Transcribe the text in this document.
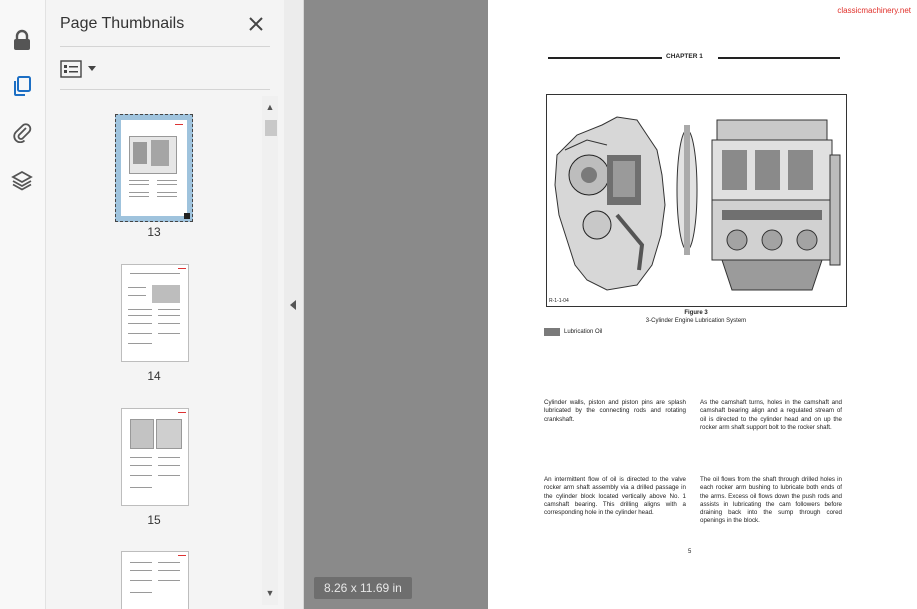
Page Thumbnails
13
14
15
▲
▼
classicmachinery.net
CHAPTER 1
R-1-1-04
Figure 3
3-Cylinder Engine Lubrication System
Lubrication Oil
Cylinder walls, piston and piston pins are splash lubricated by the connecting rods and rotating crankshaft.
As the camshaft turns, holes in the camshaft and camshaft bearing align and a regulated stream of oil is directed to the cylinder head and on up the rocker arm shaft support bolt to the rocker shaft.
An intermittent flow of oil is directed to the valve rocker arm shaft assembly via a drilled passage in the cylinder block located vertically above No. 1 camshaft bearing. This drilling aligns with a corresponding hole in the cylinder head.
The oil flows from the shaft through drilled holes in each rocker arm bushing to lubricate both ends of the arms. Excess oil flows down the push rods and assists in lubricating the cam followers before draining back into the sump through cored openings in the block.
5
8.26 x 11.69 in
